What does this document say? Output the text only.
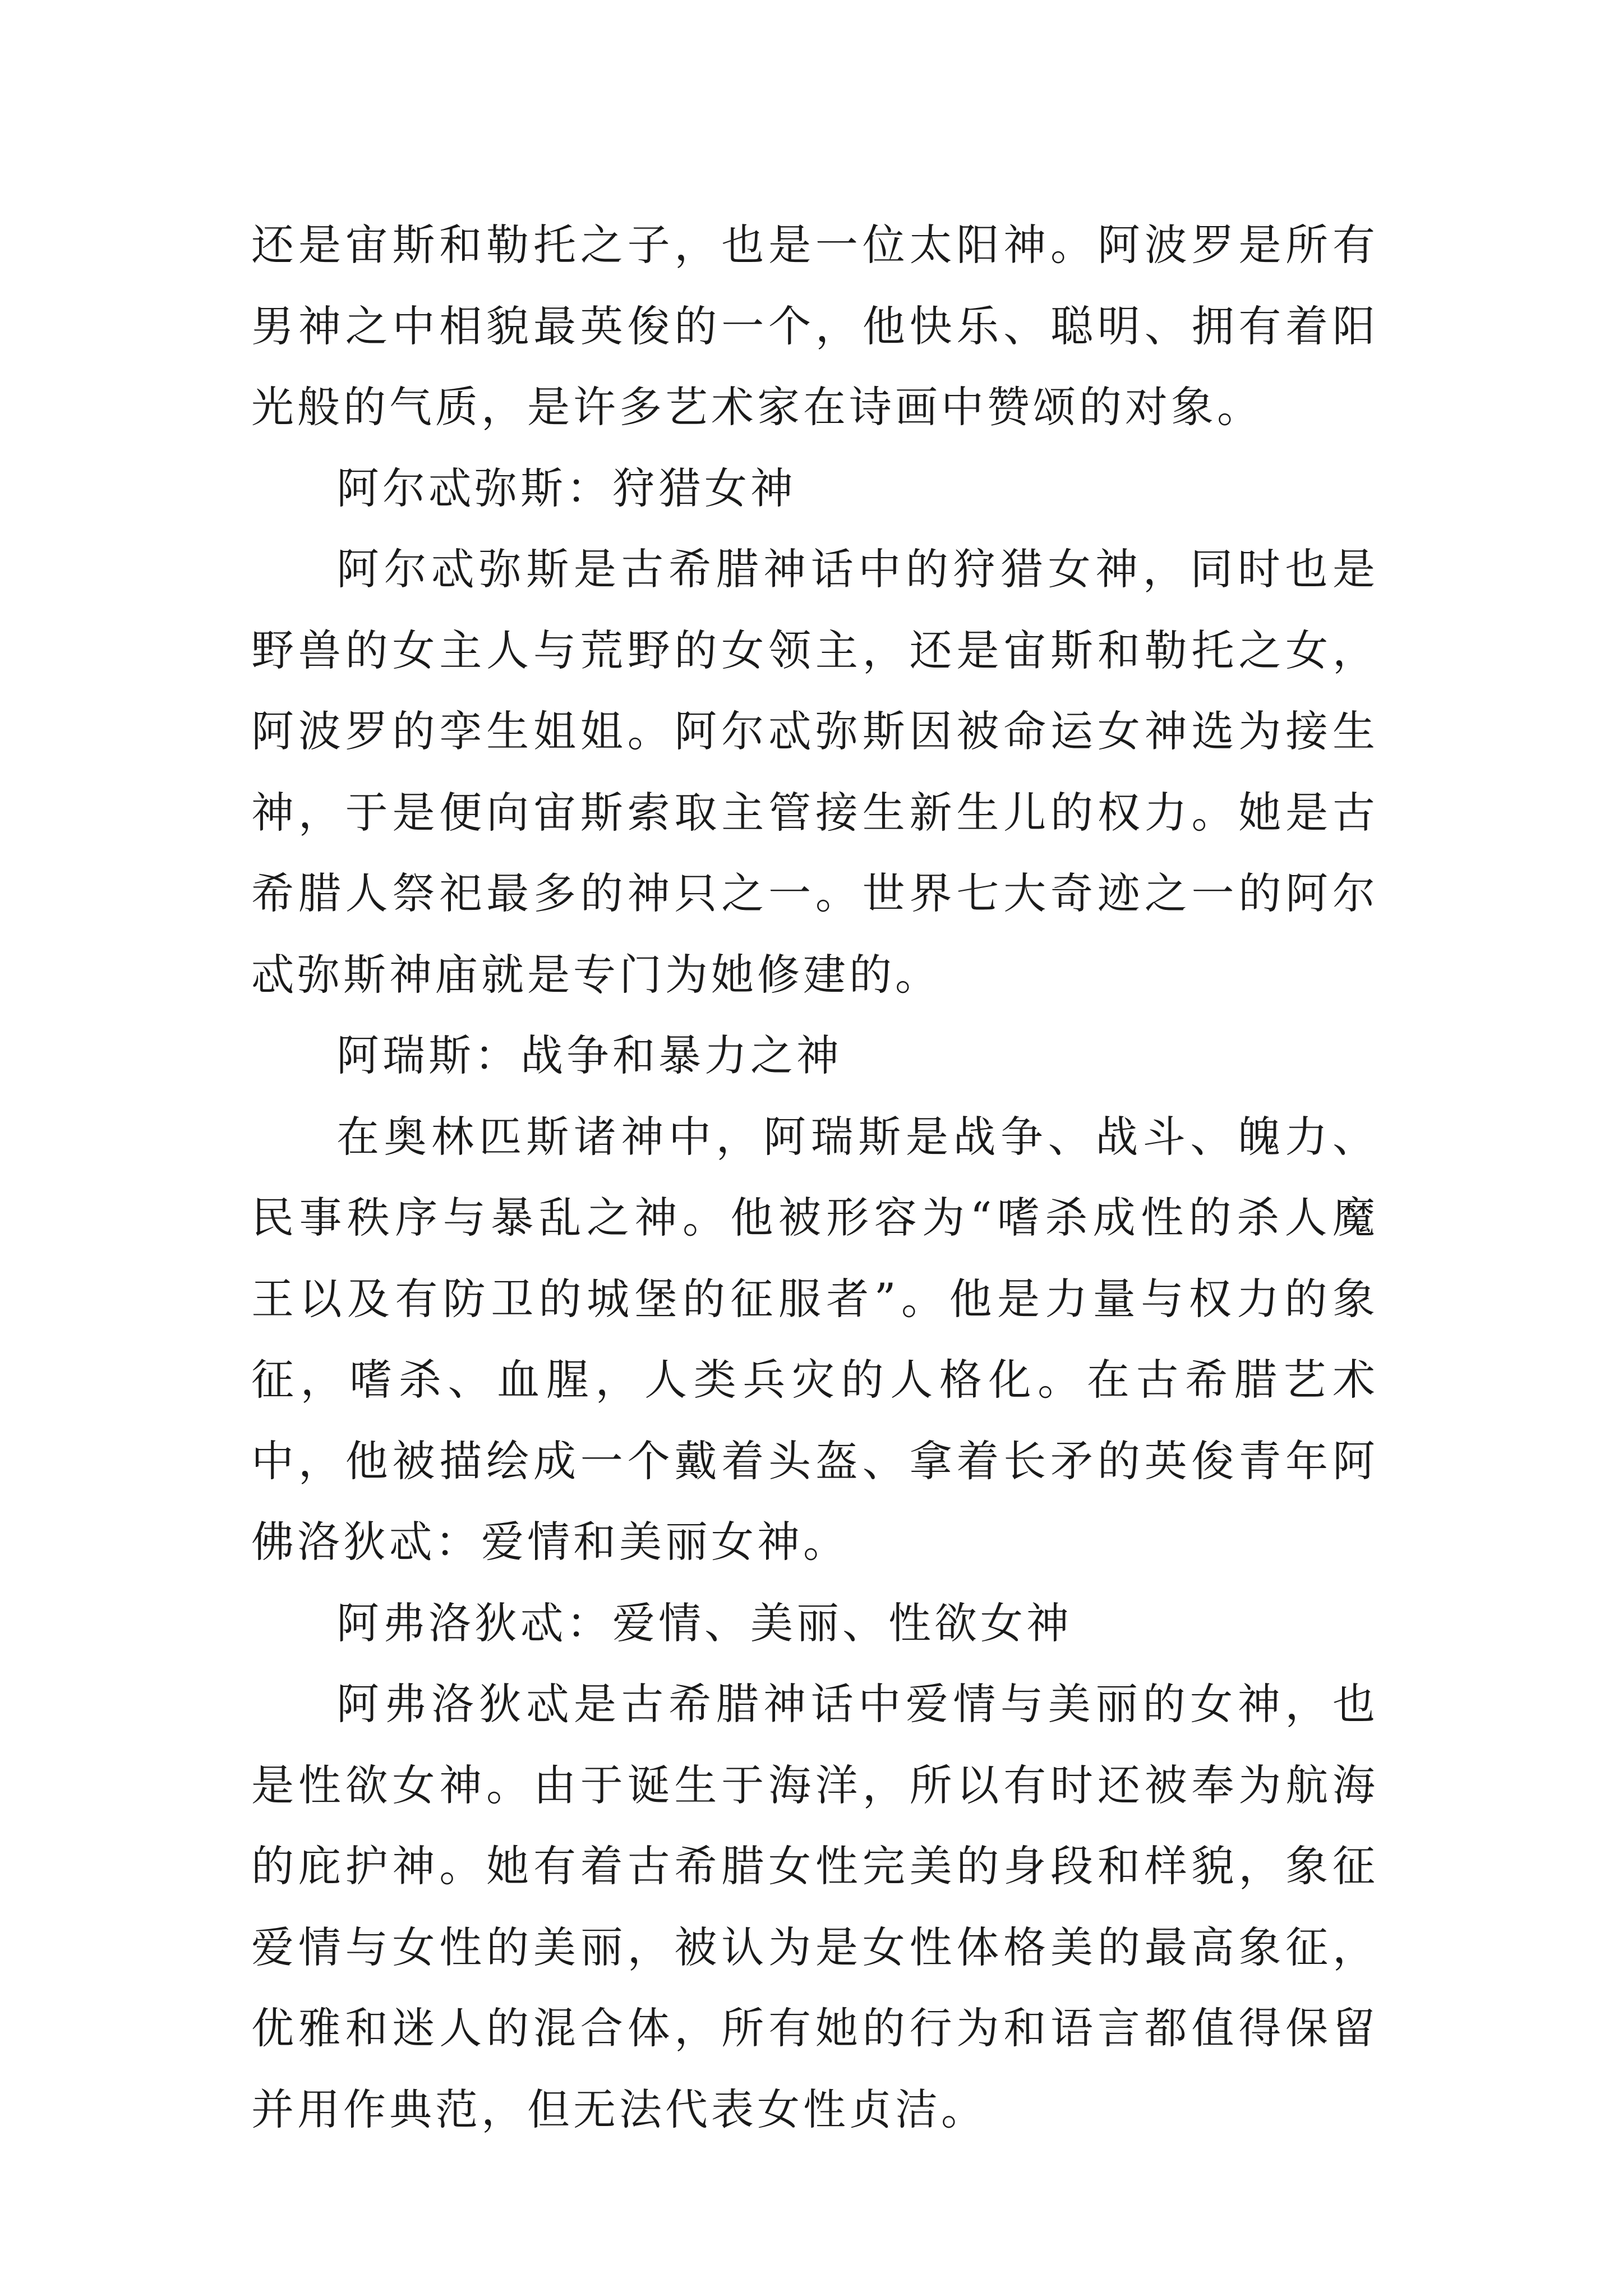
还是宙斯和勒托之子，也是一位太阳神。阿波罗是所有男神之中相貌最英俊的一个，他快乐、聪明、拥有着阳光般的气质，是许多艺术家在诗画中赞颂的对象。

阿尔忒弥斯：狩猎女神

阿尔忒弥斯是古希腊神话中的狩猎女神，同时也是野兽的女主人与荒野的女领主，还是宙斯和勒托之女，阿波罗的孪生姐姐。阿尔忒弥斯因被命运女神选为接生神，于是便向宙斯索取主管接生新生儿的权力。她是古希腊人祭祀最多的神只之一。世界七大奇迹之一的阿尔忒弥斯神庙就是专门为她修建的。

阿瑞斯：战争和暴力之神

在奥林匹斯诸神中，阿瑞斯是战争、战斗、魄力、民事秩序与暴乱之神。他被形容为“嗜杀成性的杀人魔王以及有防卫的城堡的征服者”。他是力量与权力的象征，嗜杀、血腥，人类兵灾的人格化。在古希腊艺术中，他被描绘成一个戴着头盔、拿着长矛的英俊青年阿佛洛狄忒：爱情和美丽女神。

阿弗洛狄忒：爱情、美丽、性欲女神

阿弗洛狄忒是古希腊神话中爱情与美丽的女神，也是性欲女神。由于诞生于海洋，所以有时还被奉为航海的庇护神。她有着古希腊女性完美的身段和样貌，象征爱情与女性的美丽，被认为是女性体格美的最高象征，优雅和迷人的混合体，所有她的行为和语言都值得保留并用作典范，但无法代表女性贞洁。
